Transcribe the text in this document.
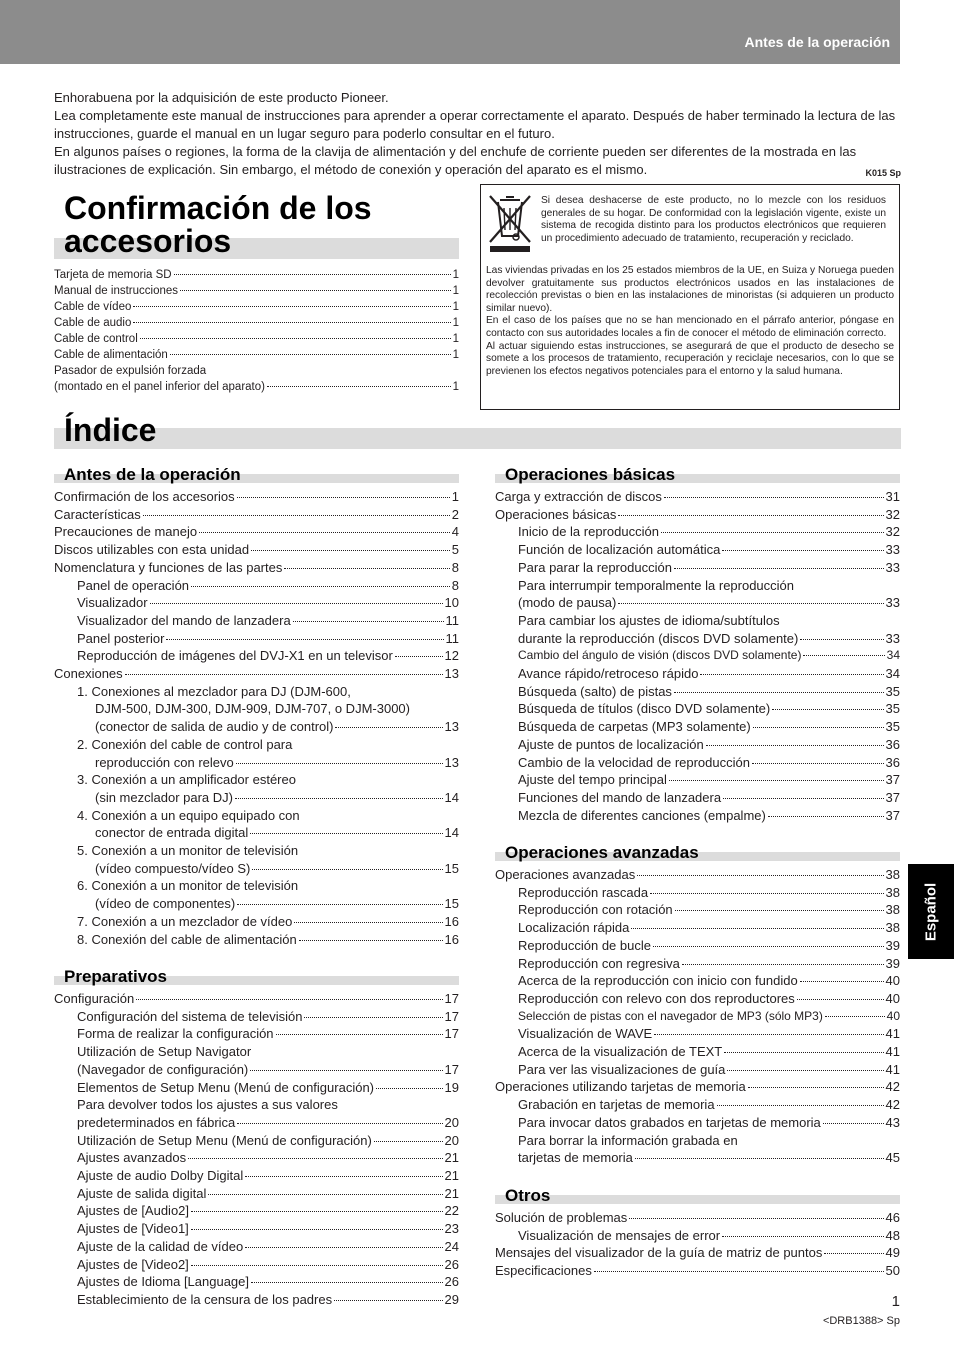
Antes de la operación

Enhorabuena por la adquisición de este producto Pioneer.

Lea completamente este manual de instrucciones para aprender a operar correctamente el aparato. Después de haber terminado la lectura de las instrucciones, guarde el manual en un lugar seguro para poderlo consultar en el futuro.

En algunos países o regiones, la forma de la clavija de alimentación y del enchufe de corriente pueden ser diferentes de la mostrada en las ilustraciones de explicación. Sin embargo, el método de conexión y operación del aparato es el mismo.	K015 Sp

Confirmación de los
accesorios
Tarjeta de memoria SD	1
Manual de instrucciones	1
Cable de vídeo	1
Cable de audio	1
Cable de control	1
Cable de alimentación	1
Pasador de expulsión forzada
(montado en el panel inferior del aparato)	1
Si desea deshacerse de este producto, no lo mezcle con los residuos generales de su hogar. De conformidad con la legislación vigente, existe un sistema de recogida distinto para los productos electrónicos que requieren un procedimiento adecuado de tratamiento, recuperación y reciclado.

Las viviendas privadas en los 25 estados miembros de la UE, en Suiza y Noruega pueden devolver gratuitamente sus productos electrónicos usados en las instalaciones de recolección previstas o bien en las instalaciones de minoristas (si adquieren un producto similar nuevo).

En el caso de los países que no se han mencionado en el párrafo anterior, póngase en contacto con sus autoridades locales a fin de conocer el método de eliminación correcto.

Al actuar siguiendo estas instrucciones, se asegurará de que el producto de desecho se somete a los procesos de tratamiento, recuperación y reciclaje necesarios, con lo que se previenen los efectos negativos potenciales para el entorno y la salud humana.

Índice
Antes de la operación
Confirmación de los accesorios	1
Características	2
Precauciones de manejo	4
Discos utilizables con esta unidad	5
Nomenclatura y funciones de las partes	8
Panel de operación	8
Visualizador	10
Visualizador del mando de lanzadera	11
Panel posterior	11
Reproducción de imágenes del DVJ-X1 en un televisor	12
Conexiones	13
1. Conexiones al mezclador para DJ (DJM-600,
DJM-500, DJM-300, DJM-909, DJM-707, o DJM-3000)
(conector de salida de audio y de control)	13
2. Conexión del cable de control para
reproducción con relevo	13
3. Conexión a un amplificador estéreo
(sin mezclador para DJ)	14
4. Conexión a un equipo equipado con
conector de entrada digital	14
5. Conexión a un monitor de televisión
(vídeo compuesto/vídeo S)	15
6. Conexión a un monitor de televisión
(vídeo de componentes)	15
7. Conexión a un mezclador de vídeo	16
8. Conexión del cable de alimentación	16
Preparativos
Configuración	17
Configuración del sistema de televisión	17
Forma de realizar la configuración	17
Utilización de Setup Navigator
(Navegador de configuración)	17
Elementos de Setup Menu (Menú de configuración)	19
Para devolver todos los ajustes a sus valores
predeterminados en fábrica	20
Utilización de Setup Menu (Menú de configuración)	20
Ajustes avanzados	21
Ajuste de audio Dolby Digital	21
Ajuste de salida digital	21
Ajustes de [Audio2]	22
Ajustes de [Video1]	23
Ajuste de la calidad de vídeo	24
Ajustes de [Video2]	26
Ajustes de Idioma [Language]	26
Establecimiento de la censura de los padres	29
Operaciones básicas
Carga y extracción de discos	31
Operaciones básicas	32
Inicio de la reproducción	32
Función de localización automática	33
Para parar la reproducción	33
Para interrumpir temporalmente la reproducción
(modo de pausa)	33
Para cambiar los ajustes de idioma/subtítulos
durante la reproducción (discos DVD solamente)	33
Cambio del ángulo de visión (discos DVD solamente)	34
Avance rápido/retroceso rápido	34
Búsqueda (salto) de pistas	35
Búsqueda de títulos (disco DVD solamente)	35
Búsqueda de carpetas (MP3 solamente)	35
Ajuste de puntos de localización	36
Cambio de la velocidad de reproducción	36
Ajuste del tempo principal	37
Funciones del mando de lanzadera	37
Mezcla de diferentes canciones (empalme)	37
Operaciones avanzadas
Operaciones avanzadas	38
Reproducción rascada	38
Reproducción con rotación	38
Localización rápida	38
Reproducción de bucle	39
Reproducción con regresiva	39
Acerca de la reproducción con inicio con fundido	40
Reproducción con relevo con dos reproductores	40
Selección de pistas con el navegador de MP3 (sólo MP3)	40
Visualización de WAVE	41
Acerca de la visualización de TEXT	41
Para ver las visualizaciones de guía	41
Operaciones utilizando tarjetas de memoria	42
Grabación en tarjetas de memoria	42
Para invocar datos grabados en tarjetas de memoria	43
Para borrar la información grabada en
tarjetas de memoria	45
Otros
Solución de problemas	46
Visualización de mensajes de error	48
Mensajes del visualizador de la guía de matriz de puntos	49
Especificaciones	50
Español
1
<DRB1388> Sp
